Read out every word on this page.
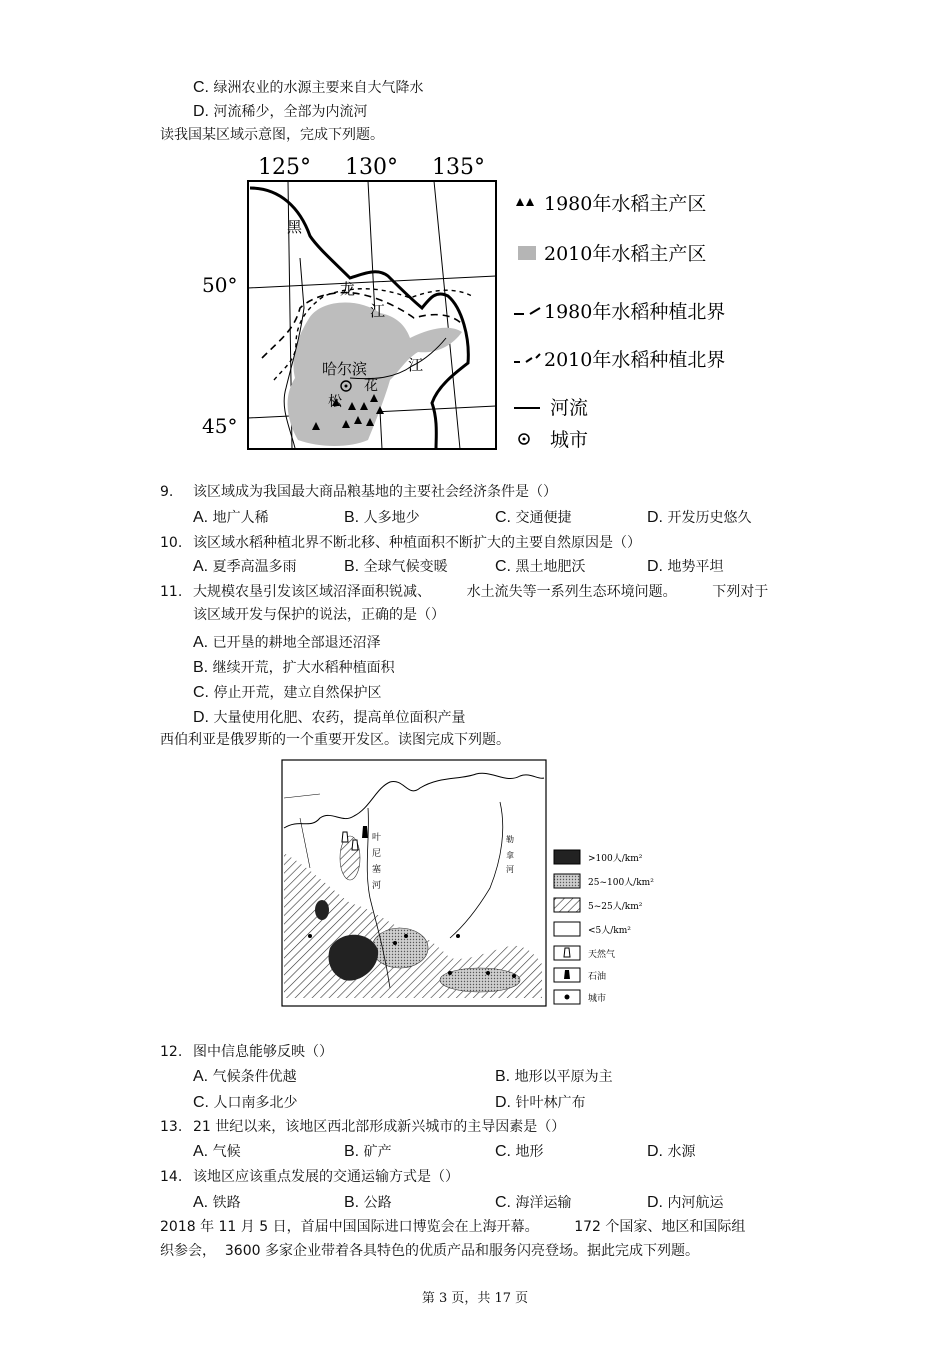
C. 绿洲农业的水源主要来自大气降水
D. 河流稀少，全部为内流河
读我国某区域示意图，完成下列题。
125° 130° 135°
50°
45°
黑
龙
江
江
花
松
哈尔滨
1980年水稻主产区
2010年水稻主产区
1980年水稻种植北界
2010年水稻种植北界
河流
城市
9. 该区域成为我国最大商品粮基地的主要社会经济条件是（）
A. 地广人稀	B. 人多地少	C. 交通便捷	D. 开发历史悠久
10. 该区域水稻种植北界不断北移、种植面积不断扩大的主要自然原因是（）
A. 夏季高温多雨	B. 全球气候变暖	C. 黑土地肥沃	D. 地势平坦
11. 大规模农垦引发该区域沼泽面积锐减、        水土流失等一系列生态环境问题。        下列对于
该区域开发与保护的说法，正确的是（）
A. 已开垦的耕地全部退还沼泽
B. 继续开荒，扩大水稻种植面积
C. 停止开荒，建立自然保护区
D. 大量使用化肥、农药，提高单位面积产量
西伯利亚是俄罗斯的一个重要开发区。读图完成下列题。
叶
尼
塞
河
勒
拿
河
>100人/km²
25~100人/km²
5~25人/km²
<5人/km²
天然气
石油
城市
12. 图中信息能够反映（）
A. 气候条件优越	B. 地形以平原为主
C. 人口南多北少	D. 针叶林广布
13. 21 世纪以来，该地区西北部形成新兴城市的主导因素是（）
A. 气候	B. 矿产	C. 地形	D. 水源
14. 该地区应该重点发展的交通运输方式是（）
A. 铁路	B. 公路	C. 海洋运输	D. 内河航运
2018 年 11 月 5 日，首届中国国际进口博览会在上海开幕。        172 个国家、地区和国际组
织参会，  3600 多家企业带着各具特色的优质产品和服务闪亮登场。据此完成下列题。
第 3 页，共 17 页
